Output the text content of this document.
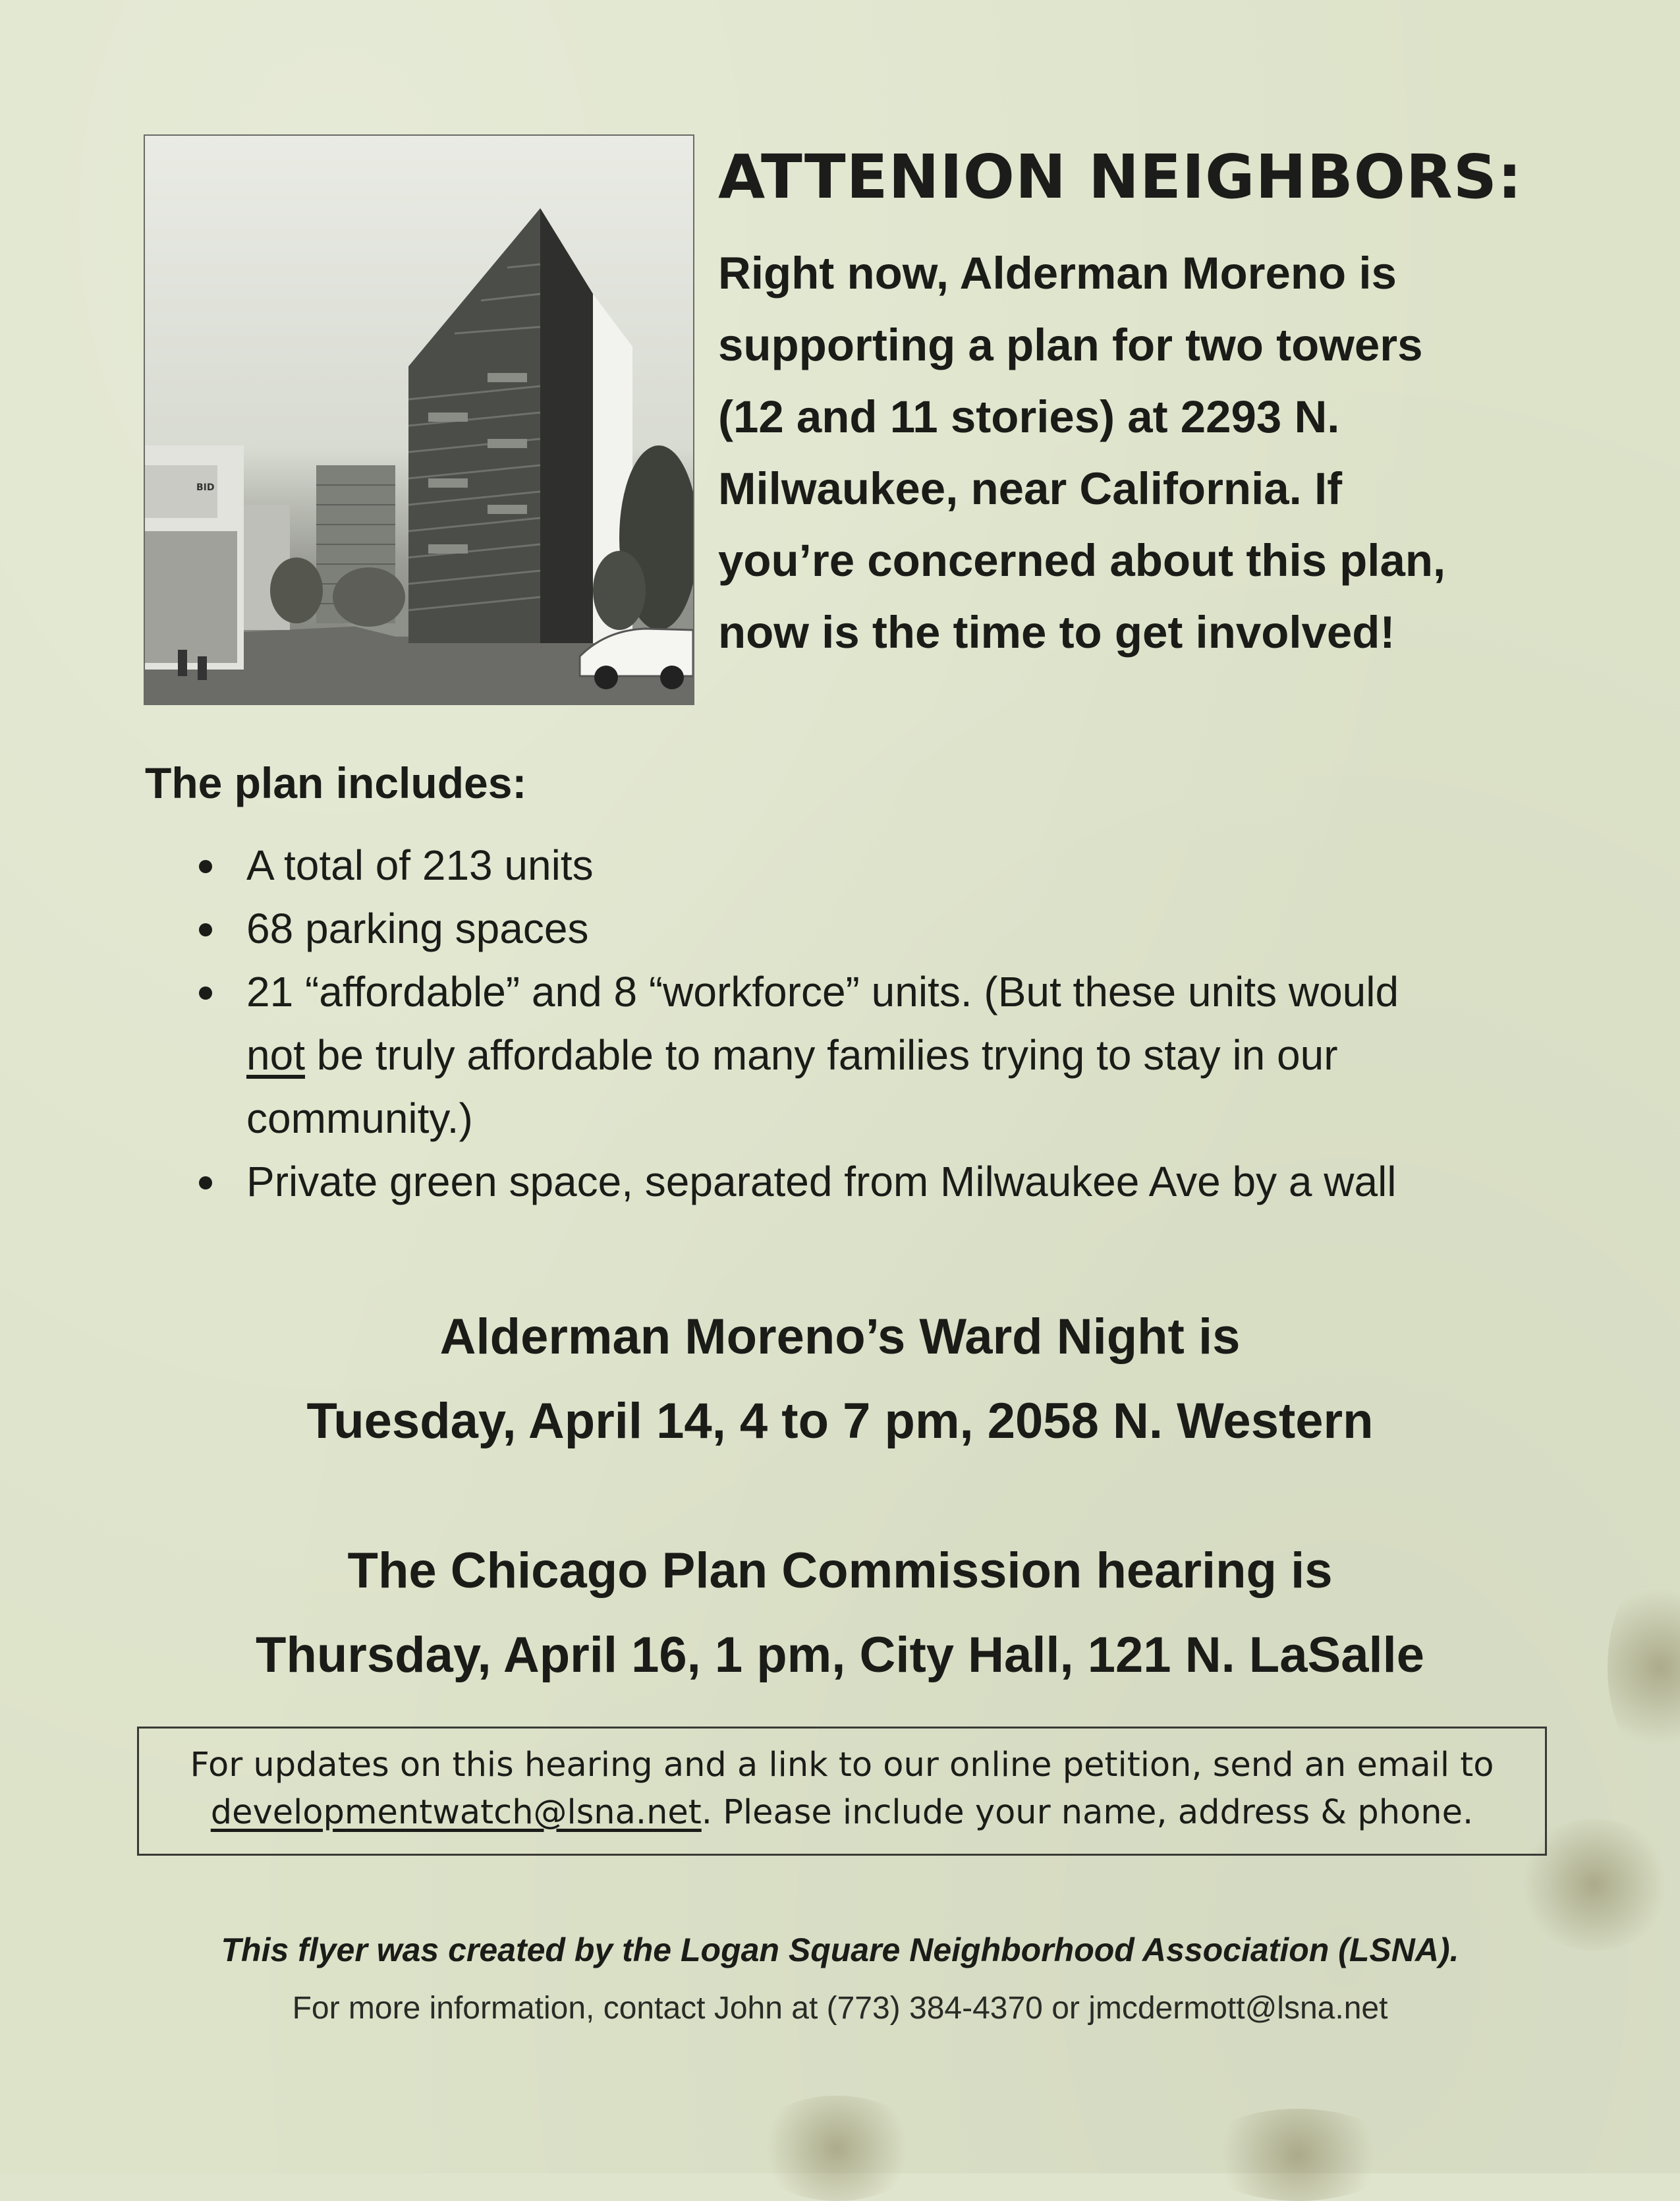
BID
ATTENION NEIGHBORS:
Right now, Alderman Moreno is
supporting a plan for two towers
(12 and 11 stories) at 2293 N.
Milwaukee, near California. If
you’re concerned about this plan,
now is the time to get involved!
The plan includes:
A total of 213 units
68 parking spaces
21 “affordable” and 8 “workforce” units. (But these units would
not be truly affordable to many families trying to stay in our
community.)
Private green space, separated from Milwaukee Ave by a wall
Alderman Moreno’s Ward Night is
Tuesday, April 14, 4 to 7 pm, 2058 N. Western
The Chicago Plan Commission hearing is
Thursday, April 16, 1 pm, City Hall, 121 N. LaSalle
For updates on this hearing and a link to our online petition, send an email to
developmentwatch@lsna.net. Please include your name, address & phone.
This flyer was created by the Logan Square Neighborhood Association (LSNA).
For more information, contact John at (773) 384-4370 or jmcdermott@lsna.net
